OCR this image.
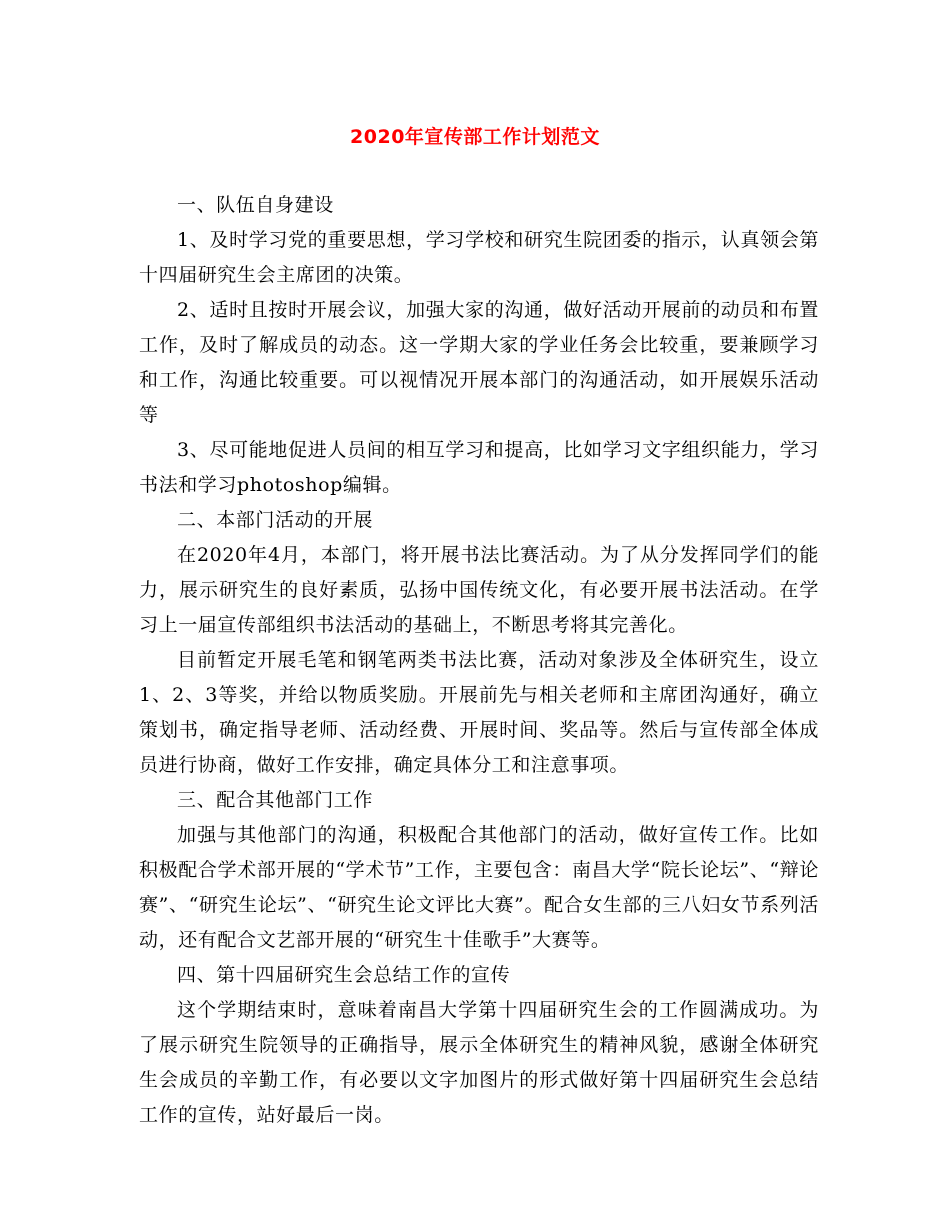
2020年宣传部工作计划范文

一、队伍自身建设

1、及时学习党的重要思想，学习学校和研究生院团委的指示，认真领会第十四届研究生会主席团的决策。

2、适时且按时开展会议，加强大家的沟通，做好活动开展前的动员和布置工作，及时了解成员的动态。这一学期大家的学业任务会比较重，要兼顾学习和工作，沟通比较重要。可以视情况开展本部门的沟通活动，如开展娱乐活动等

3、尽可能地促进人员间的相互学习和提高，比如学习文字组织能力，学习书法和学习photoshop编辑。

二、本部门活动的开展

在2020年4月，本部门，将开展书法比赛活动。为了从分发挥同学们的能力，展示研究生的良好素质，弘扬中国传统文化，有必要开展书法活动。在学习上一届宣传部组织书法活动的基础上，不断思考将其完善化。

目前暂定开展毛笔和钢笔两类书法比赛，活动对象涉及全体研究生，设立1、2、3等奖，并给以物质奖励。开展前先与相关老师和主席团沟通好，确立策划书，确定指导老师、活动经费、开展时间、奖品等。然后与宣传部全体成员进行协商，做好工作安排，确定具体分工和注意事项。

三、配合其他部门工作

加强与其他部门的沟通，积极配合其他部门的活动，做好宣传工作。比如积极配合学术部开展的“学术节”工作，主要包含：南昌大学“院长论坛”、“辩论赛”、“研究生论坛”、“研究生论文评比大赛”。配合女生部的三八妇女节系列活动，还有配合文艺部开展的“研究生十佳歌手”大赛等。

四、第十四届研究生会总结工作的宣传

这个学期结束时，意味着南昌大学第十四届研究生会的工作圆满成功。为了展示研究生院领导的正确指导，展示全体研究生的精神风貌，感谢全体研究生会成员的辛勤工作，有必要以文字加图片的形式做好第十四届研究生会总结工作的宣传，站好最后一岗。
